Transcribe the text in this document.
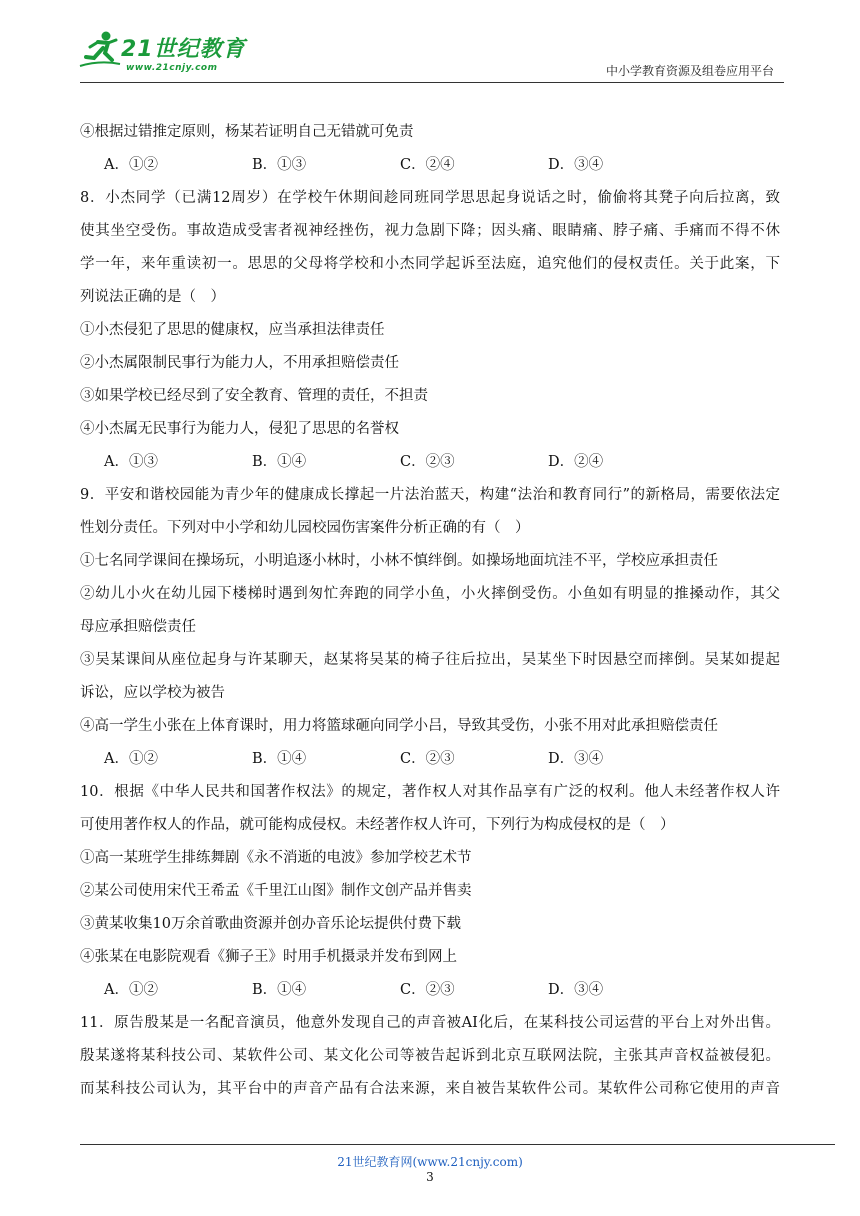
21世纪教育
www.21cnjy.com	中小学教育资源及组卷应用平台
④根据过错推定原则，杨某若证明自己无错就可免责
A．①②	B．①③	C．②④	D．③④
8．小杰同学（已满12周岁）在学校午休期间趁同班同学思思起身说话之时，偷偷将其凳子向后拉离，致
使其坐空受伤。事故造成受害者视神经挫伤，视力急剧下降；因头痛、眼睛痛、脖子痛、手痛而不得不休
学一年，来年重读初一。思思的父母将学校和小杰同学起诉至法庭，追究他们的侵权责任。关于此案，下
列说法正确的是（　）
①小杰侵犯了思思的健康权，应当承担法律责任
②小杰属限制民事行为能力人，不用承担赔偿责任
③如果学校已经尽到了安全教育、管理的责任，不担责
④小杰属无民事行为能力人，侵犯了思思的名誉权
A．①③	B．①④	C．②③	D．②④
9．平安和谐校园能为青少年的健康成长撑起一片法治蓝天，构建“法治和教育同行”的新格局，需要依法定
性划分责任。下列对中小学和幼儿园校园伤害案件分析正确的有（　）
①七名同学课间在操场玩，小明追逐小林时，小林不慎绊倒。如操场地面坑洼不平，学校应承担责任
②幼儿小火在幼儿园下楼梯时遇到匆忙奔跑的同学小鱼，小火摔倒受伤。小鱼如有明显的推搡动作，其父
母应承担赔偿责任
③吴某课间从座位起身与许某聊天，赵某将吴某的椅子往后拉出，吴某坐下时因悬空而摔倒。吴某如提起
诉讼，应以学校为被告
④高一学生小张在上体育课时，用力将篮球砸向同学小吕，导致其受伤，小张不用对此承担赔偿责任
A．①②	B．①④	C．②③	D．③④
10．根据《中华人民共和国著作权法》的规定，著作权人对其作品享有广泛的权利。他人未经著作权人许
可使用著作权人的作品，就可能构成侵权。未经著作权人许可，下列行为构成侵权的是（　）
①高一某班学生排练舞剧《永不消逝的电波》参加学校艺术节
②某公司使用宋代王希孟《千里江山图》制作文创产品并售卖
③黄某收集10万余首歌曲资源并创办音乐论坛提供付费下载
④张某在电影院观看《狮子王》时用手机摄录并发布到网上
A．①②	B．①④	C．②③	D．③④
11．原告殷某是一名配音演员，他意外发现自己的声音被AI化后，在某科技公司运营的平台上对外出售。
殷某遂将某科技公司、某软件公司、某文化公司等被告起诉到北京互联网法院，主张其声音权益被侵犯。
而某科技公司认为，其平台中的声音产品有合法来源，来自被告某软件公司。某软件公司称它使用的声音
21世纪教育网(www.21cnjy.com)
3
